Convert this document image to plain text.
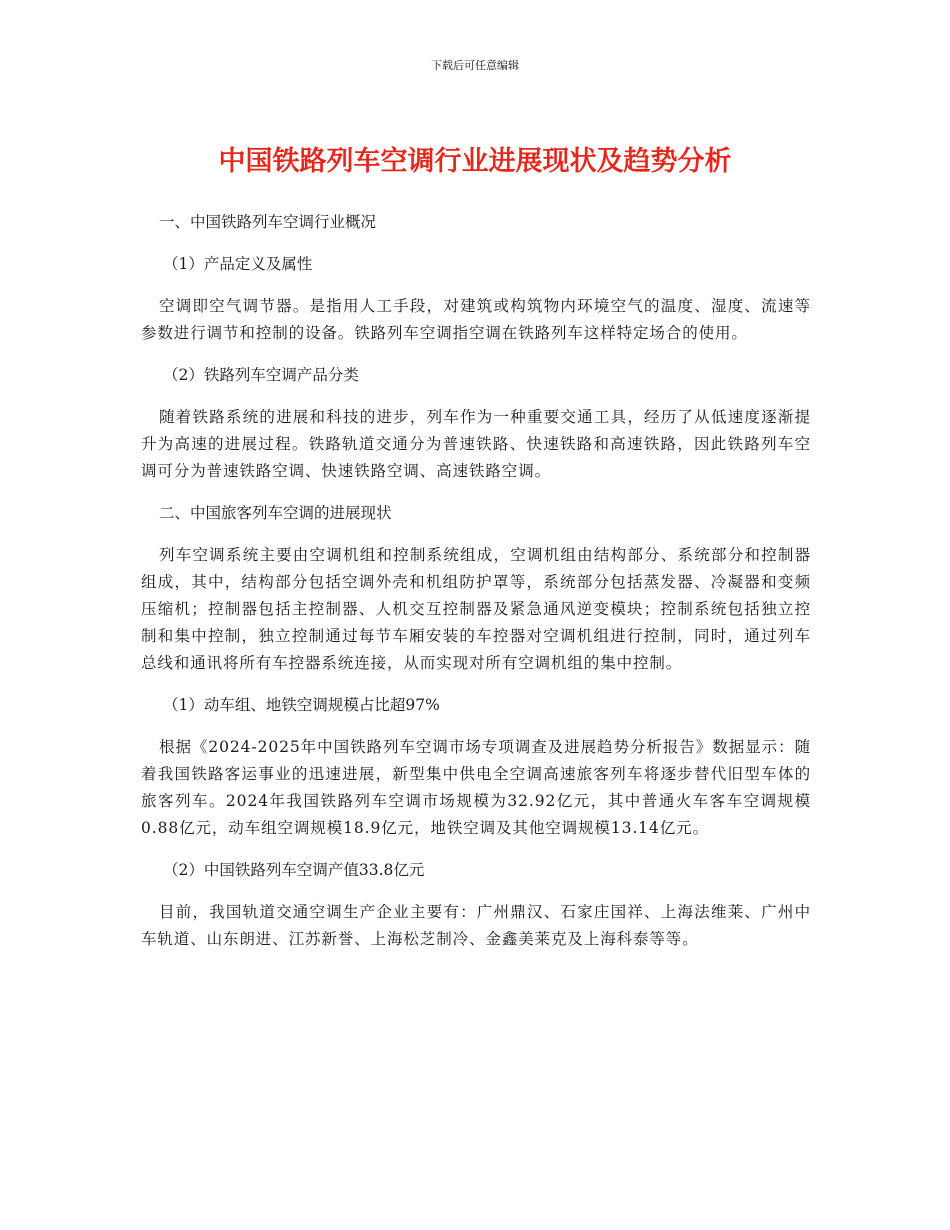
下载后可任意编辑
中国铁路列车空调行业进展现状及趋势分析

一、中国铁路列车空调行业概况

（1）产品定义及属性

空调即空气调节器。是指用人工手段，对建筑或构筑物内环境空气的温度、湿度、流速等参数进行调节和控制的设备。铁路列车空调指空调在铁路列车这样特定场合的使用。

（2）铁路列车空调产品分类

随着铁路系统的进展和科技的进步，列车作为一种重要交通工具，经历了从低速度逐渐提升为高速的进展过程。铁路轨道交通分为普速铁路、快速铁路和高速铁路，因此铁路列车空调可分为普速铁路空调、快速铁路空调、高速铁路空调。

二、中国旅客列车空调的进展现状

列车空调系统主要由空调机组和控制系统组成，空调机组由结构部分、系统部分和控制器组成，其中，结构部分包括空调外壳和机组防护罩等，系统部分包括蒸发器、冷凝器和变频压缩机；控制器包括主控制器、人机交互控制器及紧急通风逆变模块；控制系统包括独立控制和集中控制，独立控制通过每节车厢安装的车控器对空调机组进行控制，同时，通过列车总线和通讯将所有车控器系统连接，从而实现对所有空调机组的集中控制。

（1）动车组、地铁空调规模占比超97%

根据《2024-2025年中国铁路列车空调市场专项调查及进展趋势分析报告》数据显示：随着我国铁路客运事业的迅速进展，新型集中供电全空调高速旅客列车将逐步替代旧型车体的旅客列车。2024年我国铁路列车空调市场规模为32.92亿元，其中普通火车客车空调规模0.88亿元，动车组空调规模18.9亿元，地铁空调及其他空调规模13.14亿元。

（2）中国铁路列车空调产值33.8亿元

目前，我国轨道交通空调生产企业主要有：广州鼎汉、石家庄国祥、上海法维莱、广州中车轨道、山东朗进、江苏新誉、上海松芝制冷、金鑫美莱克及上海科泰等等。
